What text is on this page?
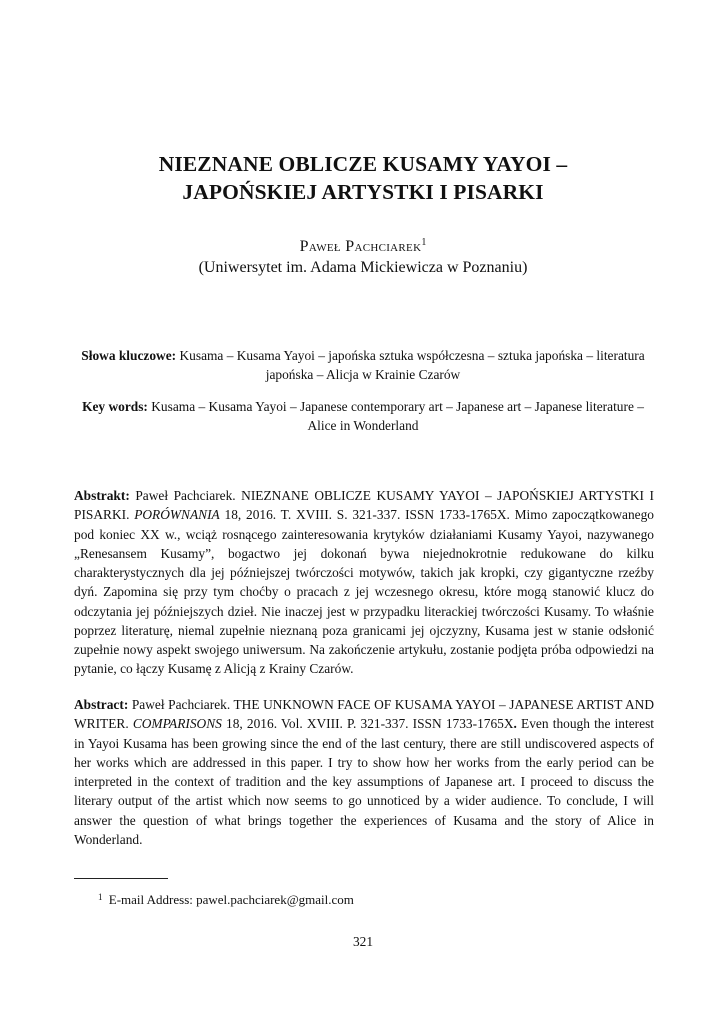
NIEZNANE OBLICZE KUSAMY YAYOI –
JAPOŃSKIEJ ARTYSTKI I PISARKI
Paweł Pachciarek$^1$
(Uniwersytet im. Adama Mickiewicza w Poznaniu)
Słowa kluczowe: Kusama – Kusama Yayoi – japońska sztuka współczesna – sztuka japońska – literatura japońska – Alicja w Krainie Czarów
Key words: Kusama – Kusama Yayoi – Japanese contemporary art – Japanese art – Japanese literature – Alice in Wonderland
Abstrakt: Paweł Pachciarek. NIEZNANE OBLICZE KUSAMY YAYOI – JAPOŃSKIEJ ARTYSTKI I PISARKI. PORÓWNANIA 18, 2016. T. XVIII. S. 321-337. ISSN 1733-1765X. Mimo zapoczątkowanego pod koniec XX w., wciąż rosnącego zainteresowania krytyków działaniami Kusamy Yayoi, nazywanego „Renesansem Kusamy”, bogactwo jej dokonań bywa niejednokrotnie redukowane do kilku charakterystycznych dla jej późniejszej twórczości motywów, takich jak kropki, czy gigantyczne rzeźby dyń. Zapomina się przy tym choćby o pracach z jej wczesnego okresu, które mogą stanowić klucz do odczytania jej późniejszych dzieł. Nie inaczej jest w przypadku literackiej twórczości Kusamy. To właśnie poprzez literaturę, niemal zupełnie nieznaną poza granicami jej ojczyzny, Kusama jest w stanie odsłonić zupełnie nowy aspekt swojego uniwersum. Na zakończenie artykułu, zostanie podjęta próba odpowiedzi na pytanie, co łączy Kusamę z Alicją z Krainy Czarów.
Abstract: Paweł Pachciarek. THE UNKNOWN FACE OF KUSAMA YAYOI – JAPANESE ARTIST AND WRITER. COMPARISONS 18, 2016. Vol. XVIII. P. 321-337. ISSN 1733-1765X. Even though the interest in Yayoi Kusama has been growing since the end of the last century, there are still undiscovered aspects of her works which are addressed in this paper. I try to show how her works from the early period can be interpreted in the context of tradition and the key assumptions of Japanese art. I proceed to discuss the literary output of the artist which now seems to go unnoticed by a wider audience. To conclude, I will answer the question of what brings together the experiences of Kusama and the story of Alice in Wonderland.
$^1$ E-mail Address: pawel.pachciarek@gmail.com
321
